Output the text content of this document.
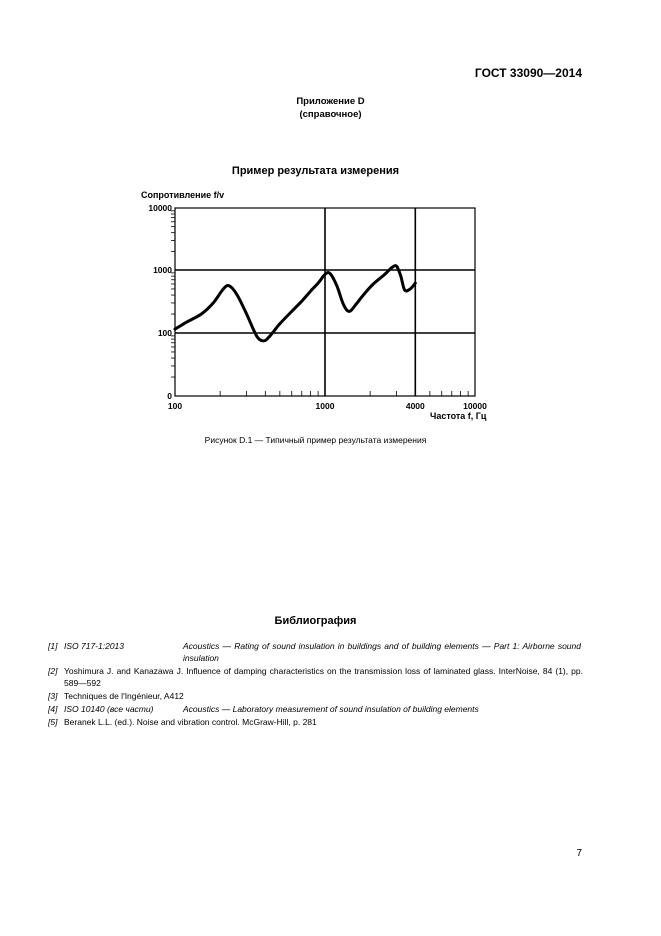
ГОСТ 33090—2014
Приложение D
(справочное)
Пример результата измерения
0
100
1000
10000
100	1000	4000	10000
Сопротивление f/v
Частота f, Гц
Рисунок D.1 — Типичный пример результата измерения
Библиография
[1] ISO 717-1:2013	Acoustics — Rating of sound insulation in buildings and of building elements — Part 1: Airborne sound insulation
[2] Yoshimura J. and Kanazawa J. Influence of damping characteristics on the transmission loss of laminated glass. InterNoise, 84 (1), pp. 589—592
[3] Techniques de l'Ingénieur, A412
[4] ISO 10140 (все части)	Acoustics — Laboratory measurement of sound insulation of building elements
[5] Beranek L.L. (ed.). Noise and vibration control. McGraw-Hill, p. 281
7
